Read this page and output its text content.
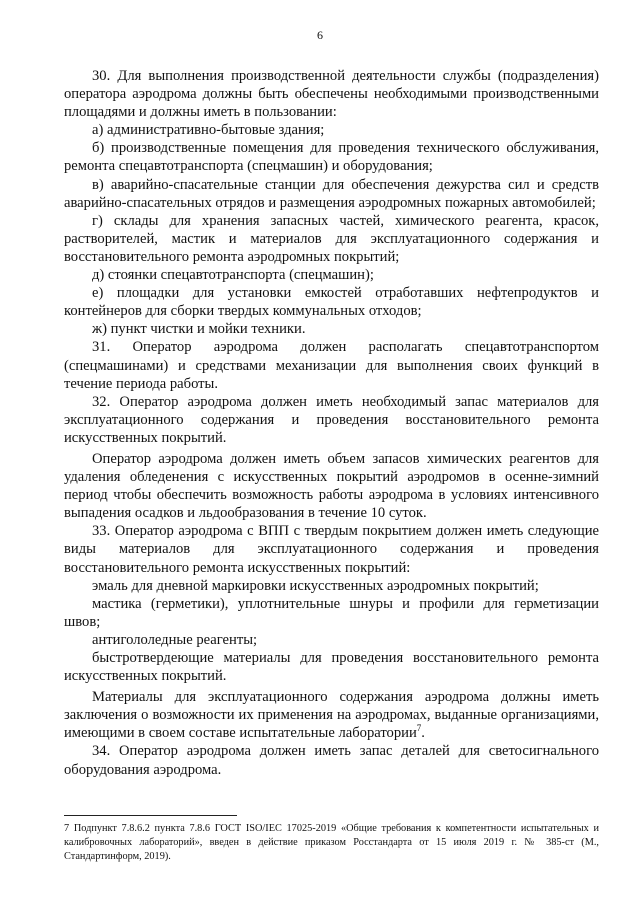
6

30. Для выполнения производственной деятельности службы (подразделения) оператора аэродрома должны быть обеспечены необходимыми производственными площадями и должны иметь в пользовании:

а) административно-бытовые здания;

б) производственные помещения для проведения технического обслуживания, ремонта спецавтотранспорта (спецмашин) и оборудования;

в) аварийно-спасательные станции для обеспечения дежурства сил и средств аварийно-спасательных отрядов и размещения аэродромных пожарных автомобилей;

г) склады для хранения запасных частей, химического реагента, красок, растворителей, мастик и материалов для эксплуатационного содержания и восстановительного ремонта аэродромных покрытий;

д) стоянки спецавтотранспорта (спецмашин);

е) площадки для установки емкостей отработавших нефтепродуктов и контейнеров для сборки твердых коммунальных отходов;

ж) пункт чистки и мойки техники.

31. Оператор аэродрома должен располагать спецавтотранспортом (спецмашинами) и средствами механизации для выполнения своих функций в течение периода работы.

32. Оператор аэродрома должен иметь необходимый запас материалов для эксплуатационного содержания и проведения восстановительного ремонта искусственных покрытий.

Оператор аэродрома должен иметь объем запасов химических реагентов для удаления обледенения с искусственных покрытий аэродромов в осенне-зимний период чтобы обеспечить возможность работы аэродрома в условиях интенсивного выпадения осадков и льдообразования в течение 10 суток.

33. Оператор аэродрома с ВПП с твердым покрытием должен иметь следующие виды материалов для эксплуатационного содержания и проведения восстановительного ремонта искусственных покрытий:

эмаль для дневной маркировки искусственных аэродромных покрытий;

мастика (герметики), уплотнительные шнуры и профили для герметизации швов;

антигололедные реагенты;

быстротвердеющие материалы для проведения восстановительного ремонта искусственных покрытий.

Материалы для эксплуатационного содержания аэродрома должны иметь заключения о возможности их применения на аэродромах, выданные организациями, имеющими в своем составе испытательные лаборатории$^7$.

34. Оператор аэродрома должен иметь запас деталей для светосигнального оборудования аэродрома.

7 Подпункт 7.8.6.2 пункта 7.8.6 ГОСТ ISO/IEC 17025-2019 «Общие требования к компетентности испытательных и калибровочных лабораторий», введен в действие приказом Росстандарта от 15 июля 2019 г. № 385-ст (М., Стандартинформ, 2019).
